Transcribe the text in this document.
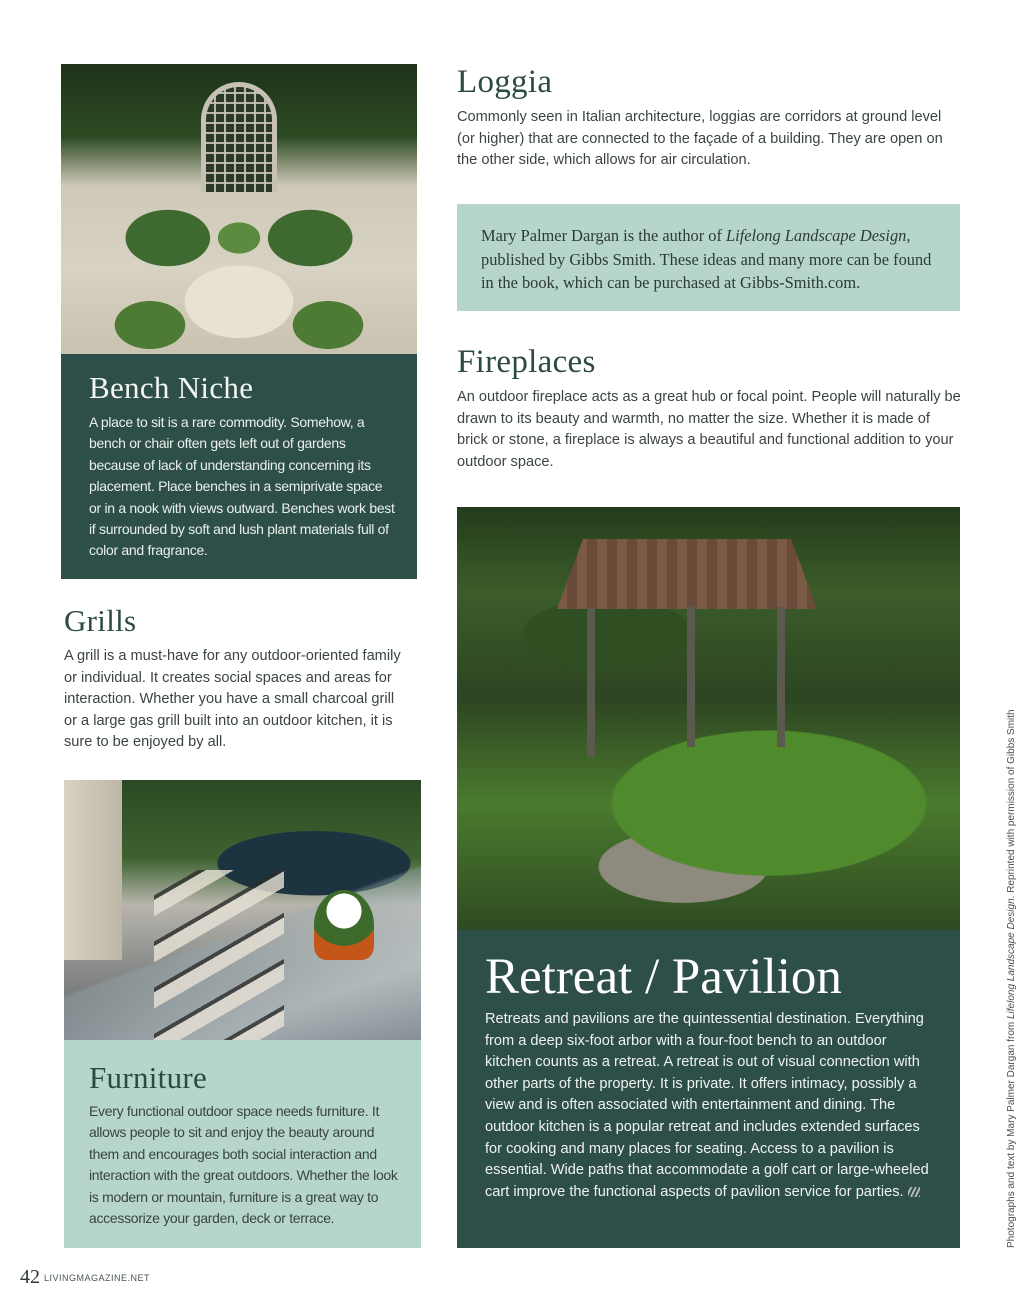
Bench Niche
A place to sit is a rare commodity. Somehow, a bench or chair often gets left out of gardens because of lack of understanding concerning its placement. Place benches in a semiprivate space or in a nook with views outward. Benches work best if surrounded by soft and lush plant materials full of color and fragrance.
Grills
A grill is a must-have for any outdoor-oriented family or individual. It creates social spaces and areas for interaction. Whether you have a small charcoal grill or a large gas grill built into an outdoor kitchen, it is sure to be enjoyed by all.
Furniture
Every functional outdoor space needs furniture. It allows people to sit and enjoy the beauty around them and encourages both social interaction and interaction with the great outdoors. Whether the look is modern or mountain, furniture is a great way to accessorize your garden, deck or terrace.
Loggia
Commonly seen in Italian architecture, loggias are corridors at ground level (or higher) that are connected to the façade of a building. They are open on the other side, which allows for air circulation.
Mary Palmer Dargan is the author of Lifelong Landscape Design, published by Gibbs Smith. These ideas and many more can be found in the book, which can be purchased at Gibbs-Smith.com.
Fireplaces
An outdoor fireplace acts as a great hub or focal point. People will naturally be drawn to its beauty and warmth, no matter the size. Whether it is made of brick or stone, a fireplace is always a beautiful and functional addition to your outdoor space.
Retreat / Pavilion
Retreats and pavilions are the quintessential destination. Everything from a deep six-foot arbor with a four-foot bench to an outdoor kitchen counts as a retreat. A retreat is out of visual connection with other parts of the property. It is private. It offers intimacy, possibly a view and is often associated with entertainment and dining. The outdoor kitchen is a popular retreat and includes extended surfaces for cooking and many places for seating. Access to a pavilion is essential. Wide paths that accommodate a golf cart or large-wheeled cart improve the functional aspects of pavilion service for parties.	Photographs and text by Mary Palmer Dargan from Lifelong Landscape Design. Reprinted with permission of Gibbs Smith
42 LIVINGMAGAZINE.NET
